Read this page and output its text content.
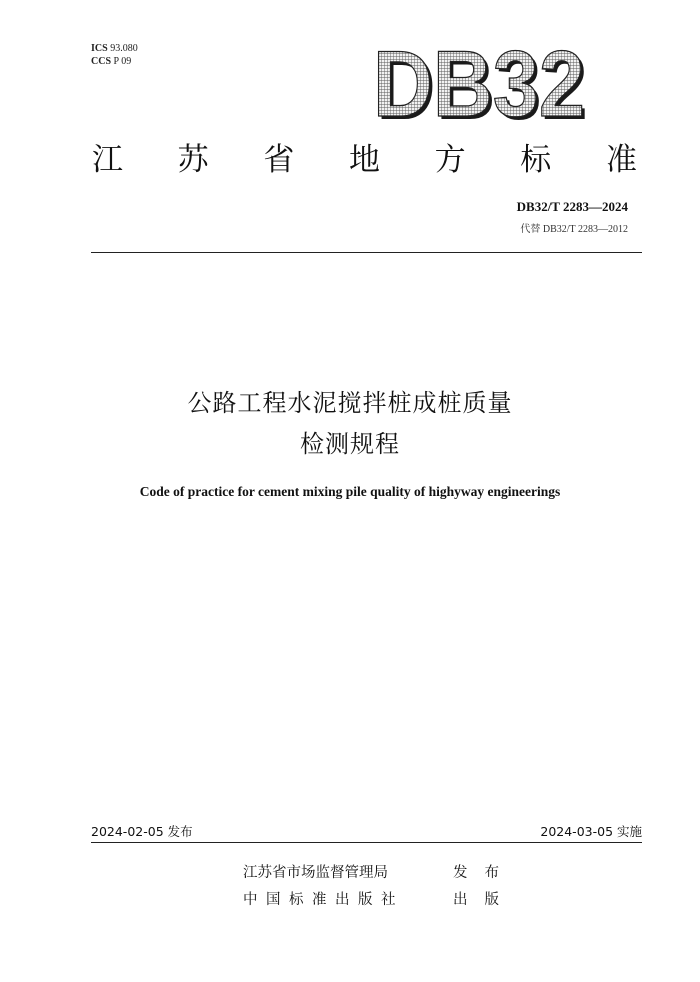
ICS 93.080
CCS P 09	DB32
DB32
江 苏 省 地 方 标 准
DB32/T 2283—2024
代替 DB32/T 2283—2012
公路工程水泥搅拌桩成桩质量
检测规程
Code of practice for cement mixing pile quality of highyway engineerings
2024-02-05 发布	2024-03-05 实施
江苏省市场监督管理局	发布
中国标准出版社	出版
